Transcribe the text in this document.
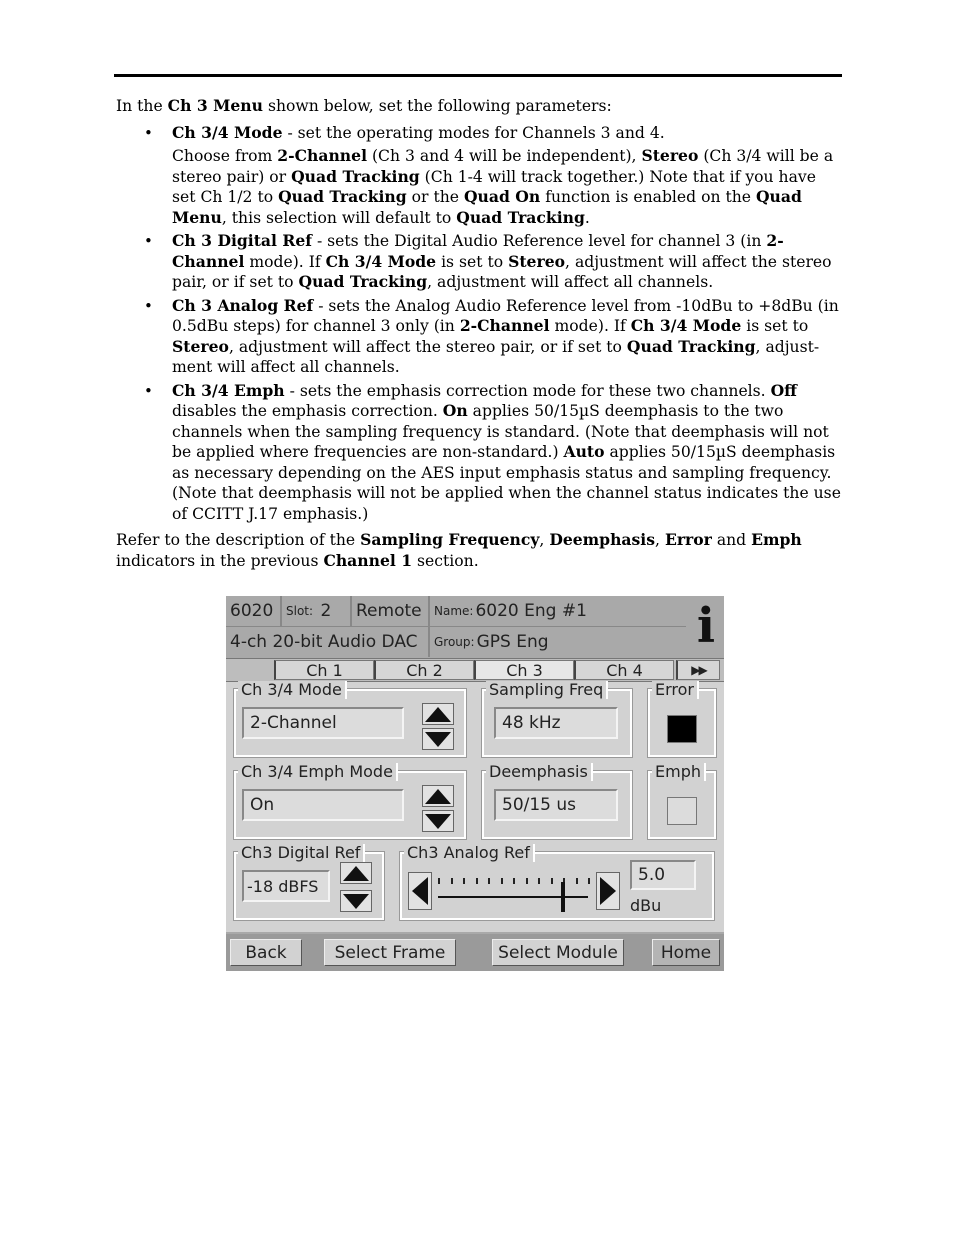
In the Ch 3 Menu shown below, set the following parameters:

• Ch 3/4 Mode - set the operating modes for Channels 3 and 4.
Choose from 2-Channel (Ch 3 and 4 will be independent), Stereo (Ch 3/4 will be a stereo pair) or Quad Tracking (Ch 1-4 will track together.) Note that if you have set Ch 1/2 to Quad Tracking or the Quad On function is enabled on the Quad Menu, this selection will default to Quad Tracking.
• Ch 3 Digital Ref - sets the Digital Audio Reference level for channel 3 (in 2-Channel mode). If Ch 3/4 Mode is set to Stereo, adjustment will affect the stereo pair, or if set to Quad Tracking, adjustment will affect all channels.
• Ch 3 Analog Ref - sets the Analog Audio Reference level from -10dBu to +8dBu (in 0.5dBu steps) for channel 3 only (in 2-Channel mode). If Ch 3/4 Mode is set to Stereo, adjustment will affect the stereo pair, or if set to Quad Tracking, adjust-ment will affect all channels.
• Ch 3/4 Emph - sets the emphasis correction mode for these two channels. Off disables the emphasis correction. On applies 50/15µS deemphasis to the two channels when the sampling frequency is standard. (Note that deemphasis will not be applied where frequencies are non-standard.) Auto applies 50/15µS deemphasis as necessary depending on the AES input emphasis status and sampling frequency. (Note that deemphasis will not be applied when the channel status indicates the use of CCITT J.17 emphasis.)

Refer to the description of the Sampling Frequency, Deemphasis, Error and Emph indicators in the previous Channel 1 section.

6020	Slot:
2 Remote	Name: 6020 Eng #1
4-ch 20-bit Audio DAC	Group: GPS Eng	i
Ch 1	Ch 2	Ch 3	Ch 4	▶▶
Ch 3/4 Mode
2-Channel
Sampling Freq
48 kHz
Error
Ch 3/4 Emph Mode
On
Deemphasis
50/15 us
Emph
Ch3 Digital Ref
-18 dBFS
Ch3 Analog Ref
5.0
dBu
Back	Select Frame	Select Module	Home
